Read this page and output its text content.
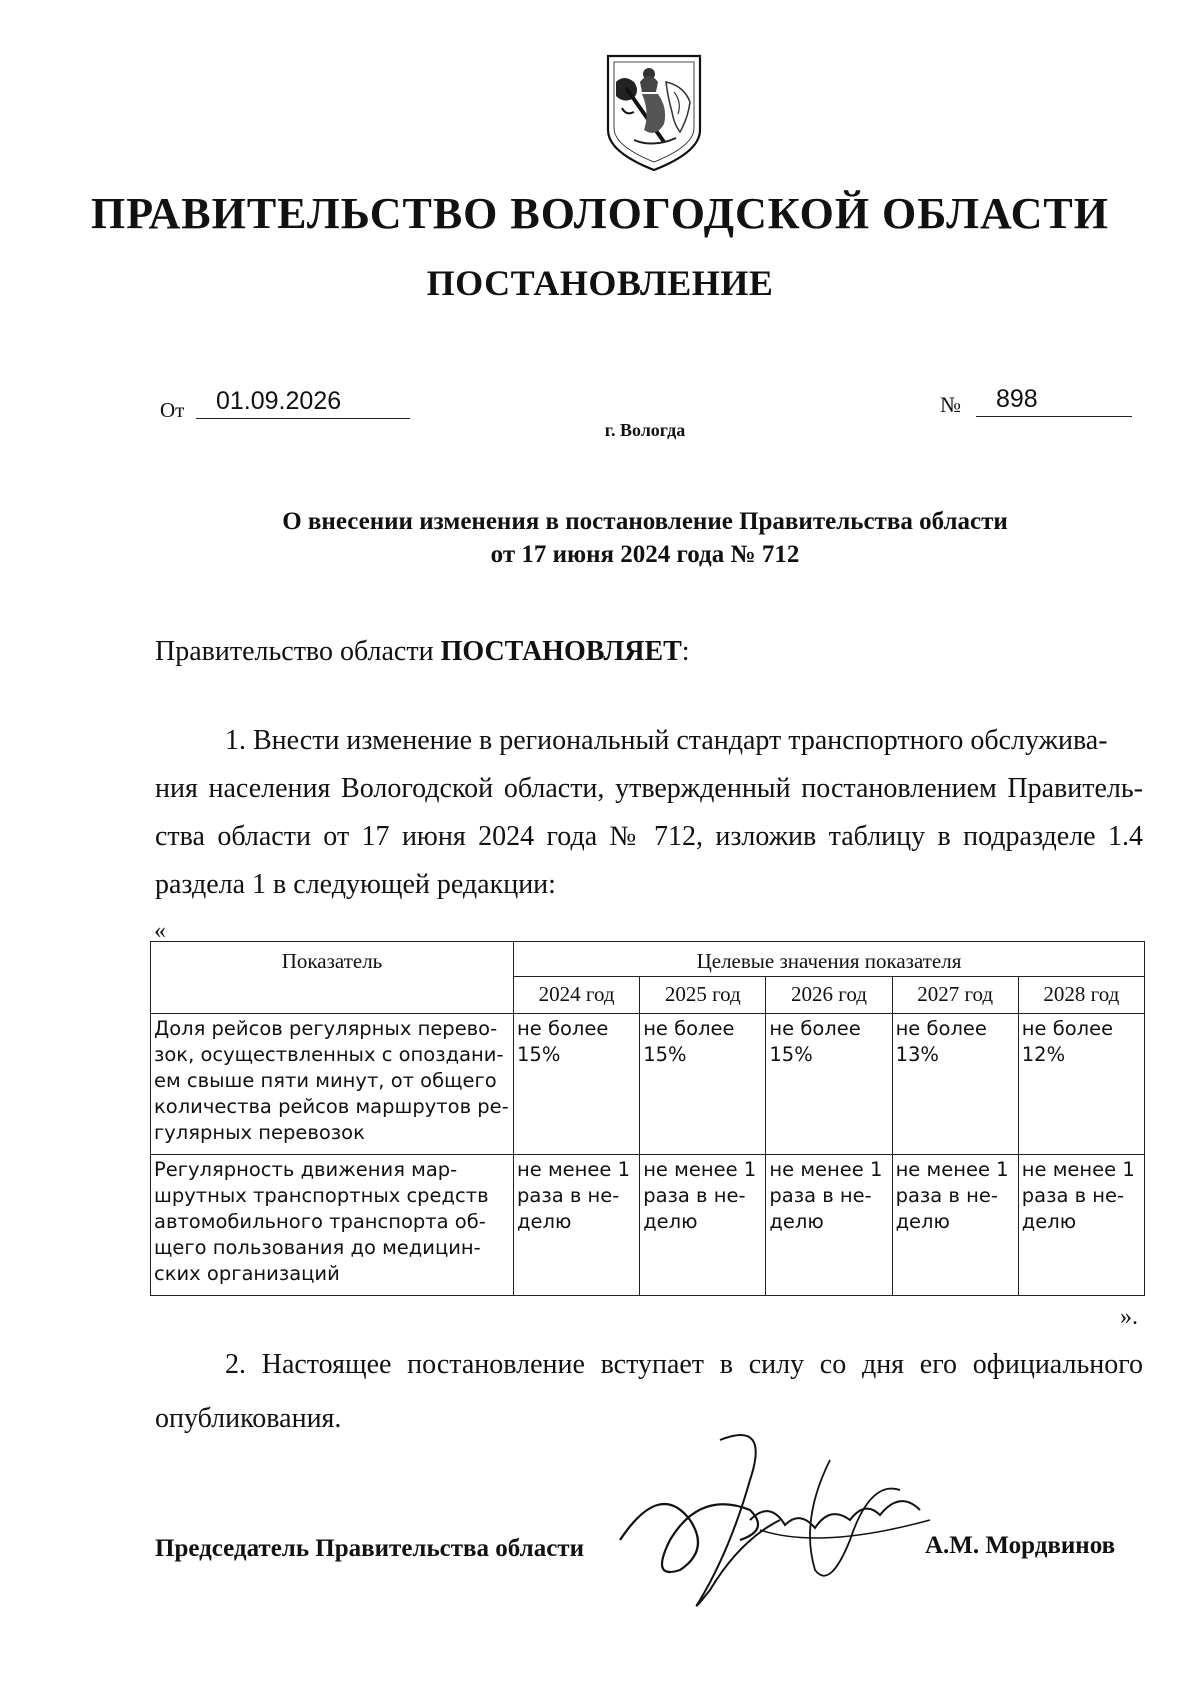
ПРАВИТЕЛЬСТВО ВОЛОГОДСКОЙ ОБЛАСТИ
ПОСТАНОВЛЕНИЕ
От	01.09.2026	№	898
г. Вологда
О внесении изменения в постановление Правительства области
от 17 июня 2024 года № 712
Правительство области ПОСТАНОВЛЯЕТ:
1. Внести изменение в региональный стандарт транспортного обслужива-
ния населения Вологодской области, утвержденный постановлением Правительства области от 17 июня 2024 года № 712, изложив таблицу в подразделе 1.4 раздела 1 в следующей редакции:
«
Показатель	Целевые значения показателя				
	2024 год	2025 год	2026 год	2027 год	2028 год
Доля рейсов регулярных перевозок, осуществленных с опозданием свыше пяти минут, от общего количества рейсов маршрутов регулярных перевозок	не более 15%	не более 15%	не более 15%	не более 13%	не более 12%
Регулярность движения маршрутных транспортных средств автомобильного транспорта общего пользования до медицинских организаций	не менее 1 раза в неделю	не менее 1 раза в неделю	не менее 1 раза в неделю	не менее 1 раза в неделю	не менее 1 раза в неделю
».
2. Настоящее постановление вступает в силу со дня его официального
опубликования.
Председатель Правительства области	А.М. Мордвинов
